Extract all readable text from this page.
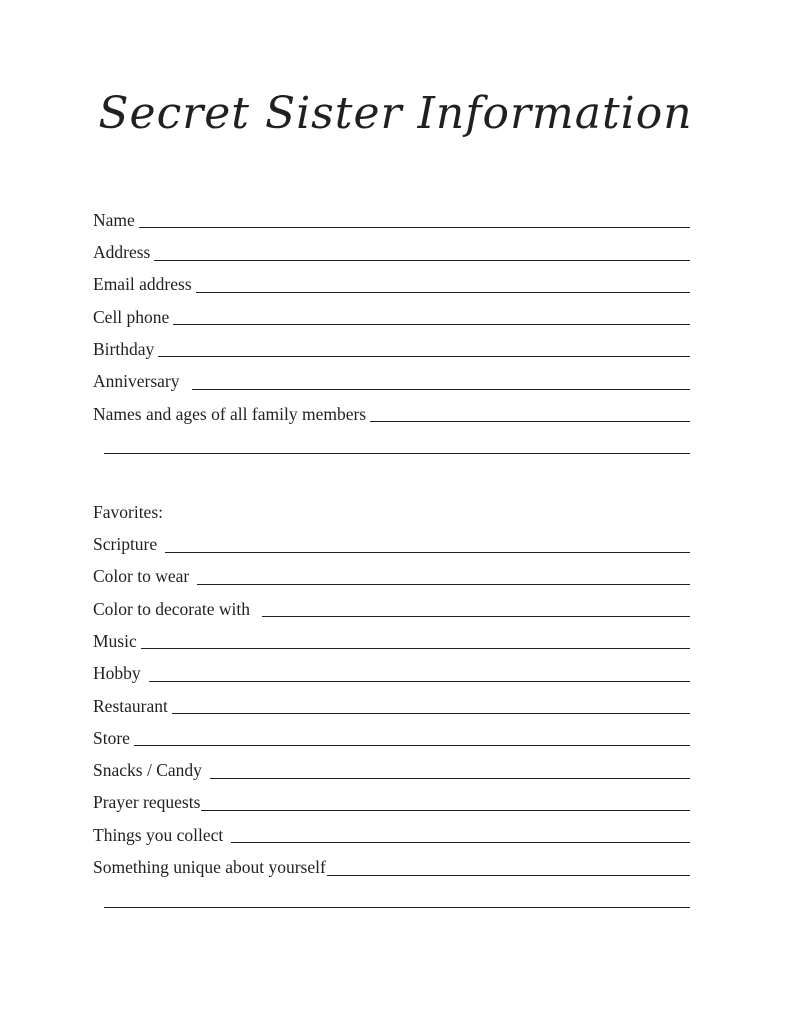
Secret Sister Information
Name
Address
Email address
Cell phone
Birthday
Anniversary
Names and ages of all family members
Favorites:
Scripture
Color to wear
Color to decorate with
Music
Hobby
Restaurant
Store
Snacks / Candy
Prayer requests
Things you collect
Something unique about yourself
